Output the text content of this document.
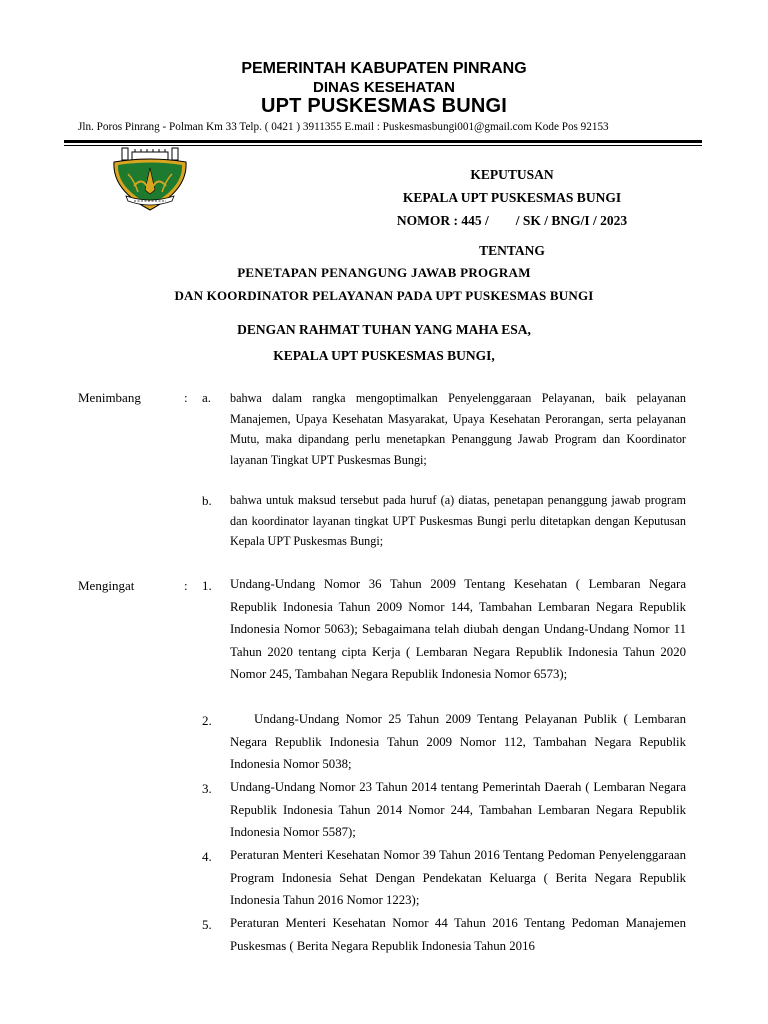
PEMERINTAH KABUPATEN PINRANG
DINAS KESEHATAN
UPT PUSKESMAS BUNGI
Jln. Poros Pinrang - Polman Km 33 Telp. ( 0421 ) 3911355 E.mail : Puskesmasbungi001@gmail.com Kode Pos 92153
KEPUTUSAN
KEPALA UPT PUSKESMAS BUNGI
NOMOR : 445 /        / SK / BNG/I / 2023
TENTANG
PENETAPAN PENANGUNG JAWAB PROGRAM
DAN KOORDINATOR PELAYANAN PADA UPT PUSKESMAS BUNGI
DENGAN RAHMAT TUHAN YANG MAHA ESA,
KEPALA UPT PUSKESMAS BUNGI,
Menimbang	: a. bahwa dalam rangka mengoptimalkan Penyelenggaraan Pelayanan, baik pelayanan Manajemen, Upaya Kesehatan Masyarakat, Upaya Kesehatan Perorangan, serta pelayanan Mutu, maka dipandang perlu menetapkan Penanggung Jawab Program dan Koordinator layanan Tingkat UPT Puskesmas Bungi;

b. bahwa untuk maksud tersebut pada huruf (a) diatas, penetapan penanggung jawab program dan koordinator layanan tingkat UPT Puskesmas Bungi perlu ditetapkan dengan Keputusan Kepala UPT Puskesmas Bungi;

Mengingat	: 1. Undang-Undang Nomor 36 Tahun 2009 Tentang Kesehatan ( Lembaran Negara Republik Indonesia Tahun 2009 Nomor 144, Tambahan Lembaran Negara Republik Indonesia Nomor 5063); Sebagaimana telah diubah dengan Undang-Undang Nomor 11 Tahun 2020 tentang cipta Kerja ( Lembaran Negara Republik Indonesia Tahun 2020 Nomor 245, Tambahan Negara Republik Indonesia Nomor 6573);

2.	Undang-Undang Nomor 25 Tahun 2009 Tentang Pelayanan Publik ( Lembaran Negara Republik Indonesia Tahun 2009 Nomor 112, Tambahan Negara Republik Indonesia Nomor 5038;

3. Undang-Undang Nomor 23 Tahun 2014 tentang Pemerintah Daerah ( Lembaran Negara Republik Indonesia Tahun 2014 Nomor 244, Tambahan Lembaran Negara Republik Indonesia Nomor 5587);

4. Peraturan Menteri Kesehatan Nomor 39 Tahun 2016 Tentang Pedoman Penyelenggaraan Program Indonesia Sehat Dengan Pendekatan Keluarga ( Berita Negara Republik Indonesia Tahun 2016 Nomor 1223);

5. Peraturan Menteri Kesehatan Nomor 44 Tahun 2016 Tentang Pedoman Manajemen Puskesmas ( Berita Negara Republik Indonesia Tahun 2016
